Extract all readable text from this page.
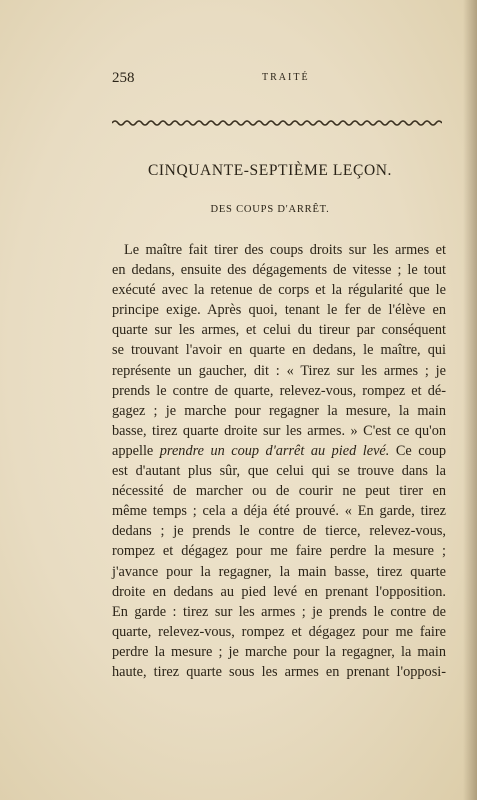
258	TRAITÉ
CINQUANTE-SEPTIÈME LEÇON.
DES COUPS D'ARRÊT.
Le maître fait tirer des coups droits sur les armes et
en dedans, ensuite des dégagements de vitesse ; le tout
exécuté avec la retenue de corps et la régularité que le
principe exige. Après quoi, tenant le fer de l'élève en
quarte sur les armes, et celui du tireur par conséquent
se trouvant l'avoir en quarte en dedans, le maître, qui
représente un gaucher, dit : « Tirez sur les armes ; je
prends le contre de quarte, relevez-vous, rompez et dé-
gagez ; je marche pour regagner la mesure, la main
basse, tirez quarte droite sur les armes. » C'est ce qu'on
appelle prendre un coup d'arrêt au pied levé. Ce coup
est d'autant plus sûr, que celui qui se trouve dans la
nécessité de marcher ou de courir ne peut tirer en
même temps ; cela a déja été prouvé. « En garde, tirez
dedans ; je prends le contre de tierce, relevez-vous,
rompez et dégagez pour me faire perdre la mesure ;
j'avance pour la regagner, la main basse, tirez quarte
droite en dedans au pied levé en prenant l'opposition.
En garde : tirez sur les armes ; je prends le contre de
quarte, relevez-vous, rompez et dégagez pour me faire
perdre la mesure ; je marche pour la regagner, la main
haute, tirez quarte sous les armes en prenant l'opposi-
